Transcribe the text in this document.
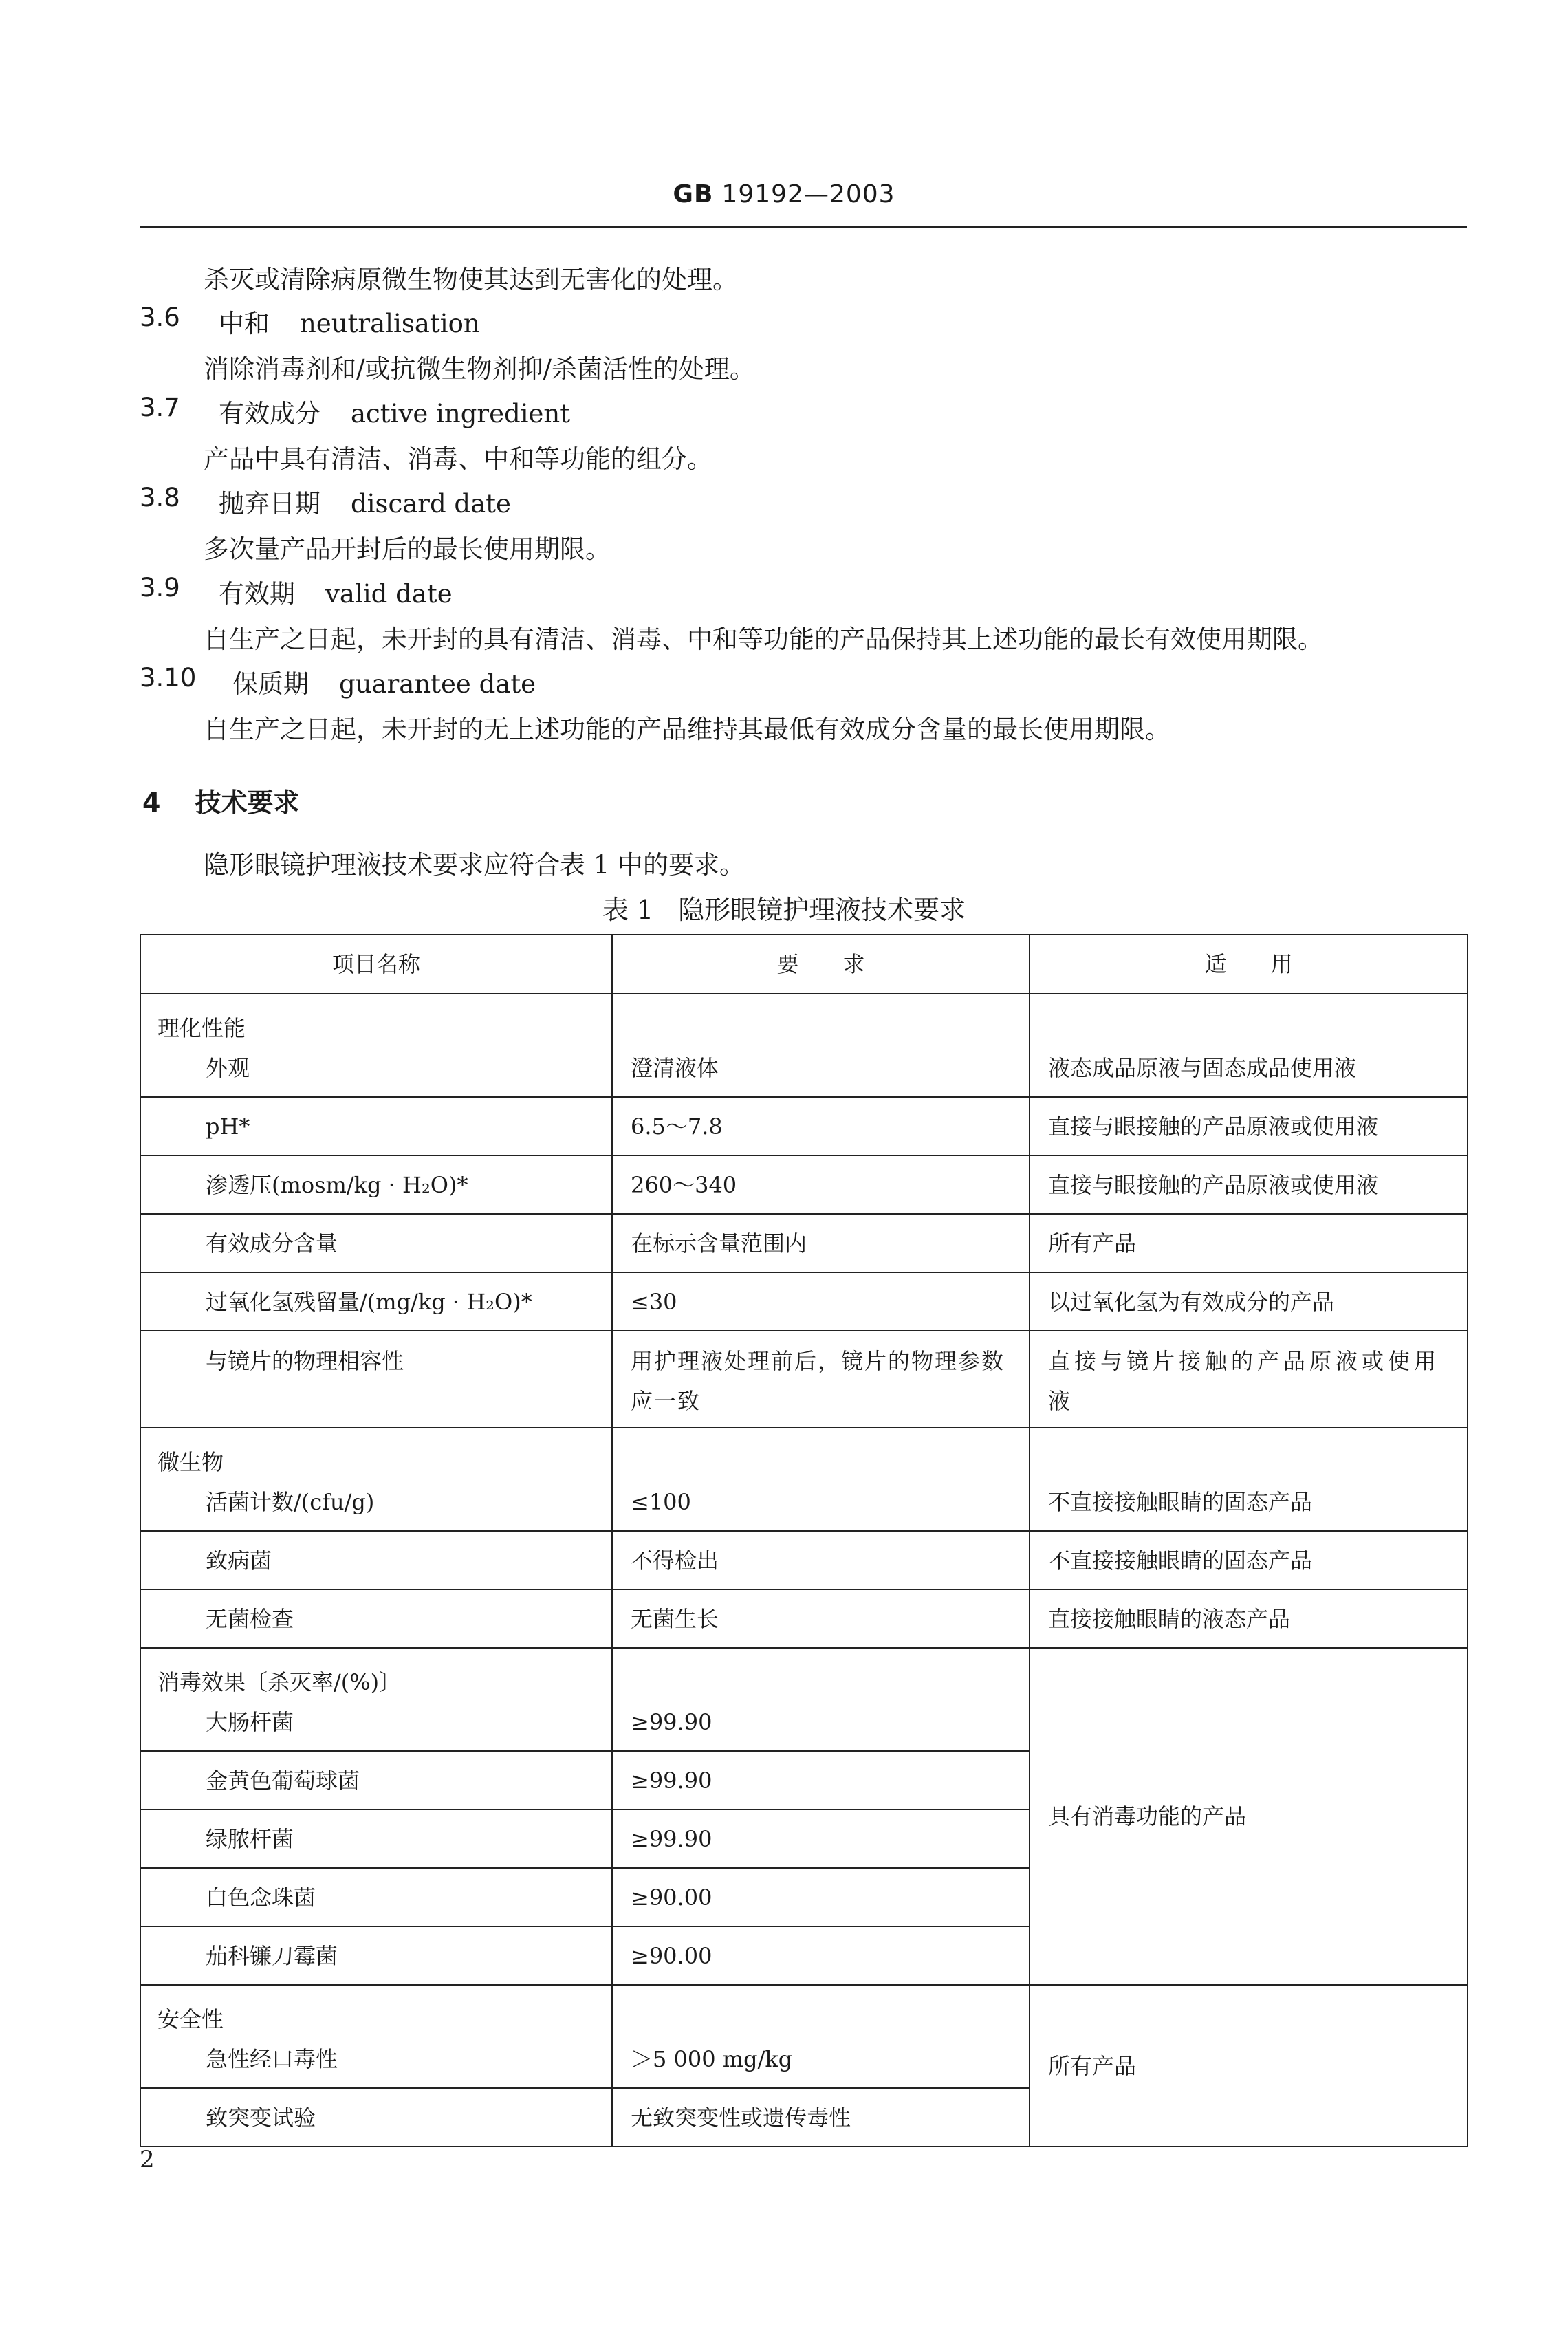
GB 19192—2003
杀灭或清除病原微生物使其达到无害化的处理。
3.6 中和 neutralisation
消除消毒剂和/或抗微生物剂抑/杀菌活性的处理。
3.7 有效成分 active ingredient
产品中具有清洁、消毒、中和等功能的组分。
3.8 抛弃日期 discard date
多次量产品开封后的最长使用期限。
3.9 有效期 valid date
自生产之日起，未开封的具有清洁、消毒、中和等功能的产品保持其上述功能的最长有效使用期限。
3.10 保质期 guarantee date
自生产之日起，未开封的无上述功能的产品维持其最低有效成分含量的最长使用期限。
4 技术要求
隐形眼镜护理液技术要求应符合表 1 中的要求。
表 1 隐形眼镜护理液技术要求
项目名称	要　　求	适　　用

理化性能
外观	澄清液体	液态成品原液与固态成品使用液
pH*	6.5～7.8	直接与眼接触的产品原液或使用液
渗透压(mosm/kg · H₂O)*	260～340	直接与眼接触的产品原液或使用液
有效成分含量	在标示含量范围内	所有产品
过氧化氢残留量/(mg/kg · H₂O)*	≤30	以过氧化氢为有效成分的产品
与镜片的物理相容性	用护理液处理前后，镜片的物理参数应一致	直接与镜片接触的产品原液或使用液

微生物
活菌计数/(cfu/g)	≤100	不直接接触眼睛的固态产品
致病菌	不得检出	不直接接触眼睛的固态产品
无菌检查	无菌生长	直接接触眼睛的液态产品

消毒效果〔杀灭率/(%)〕
大肠杆菌	≥99.90	具有消毒功能的产品
金黄色葡萄球菌	≥99.90	
绿脓杆菌	≥99.90	
白色念珠菌	≥90.00	
茄科镰刀霉菌	≥90.00	

安全性
急性经口毒性	＞5 000 mg/kg	所有产品
致突变试验	无致突变性或遗传毒性	
2
